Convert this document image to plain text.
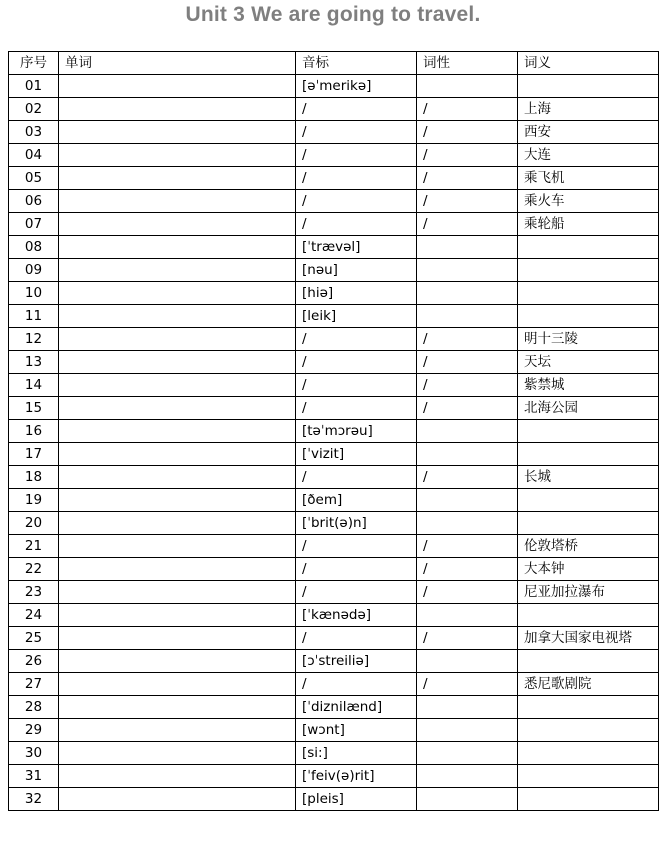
Unit 3 We are going to travel.
序号	单词	音标	词性	词义
01		[əˈmerikə]		
02		/	/	上海
03		/	/	西安
04		/	/	大连
05		/	/	乘飞机
06		/	/	乘火车
07		/	/	乘轮船
08		[ˈtrævəl]		
09		[nəu]		
10		[hiə]		
11		[leik]		
12		/	/	明十三陵
13		/	/	天坛
14		/	/	紫禁城
15		/	/	北海公园
16		[təˈmɔrəu]		
17		[ˈvizit]		
18		/	/	长城
19		[ðem]		
20		[ˈbrit(ə)n]		
21		/	/	伦敦塔桥
22		/	/	大本钟
23		/	/	尼亚加拉瀑布
24		[ˈkænədə]		
25		/	/	加拿大国家电视塔
26		[ɔˈstreiliə]		
27		/	/	悉尼歌剧院
28		[ˈdiznilænd]		
29		[wɔnt]		
30		[si:]		
31		[ˈfeiv(ə)rit]		
32		[pleis]		
